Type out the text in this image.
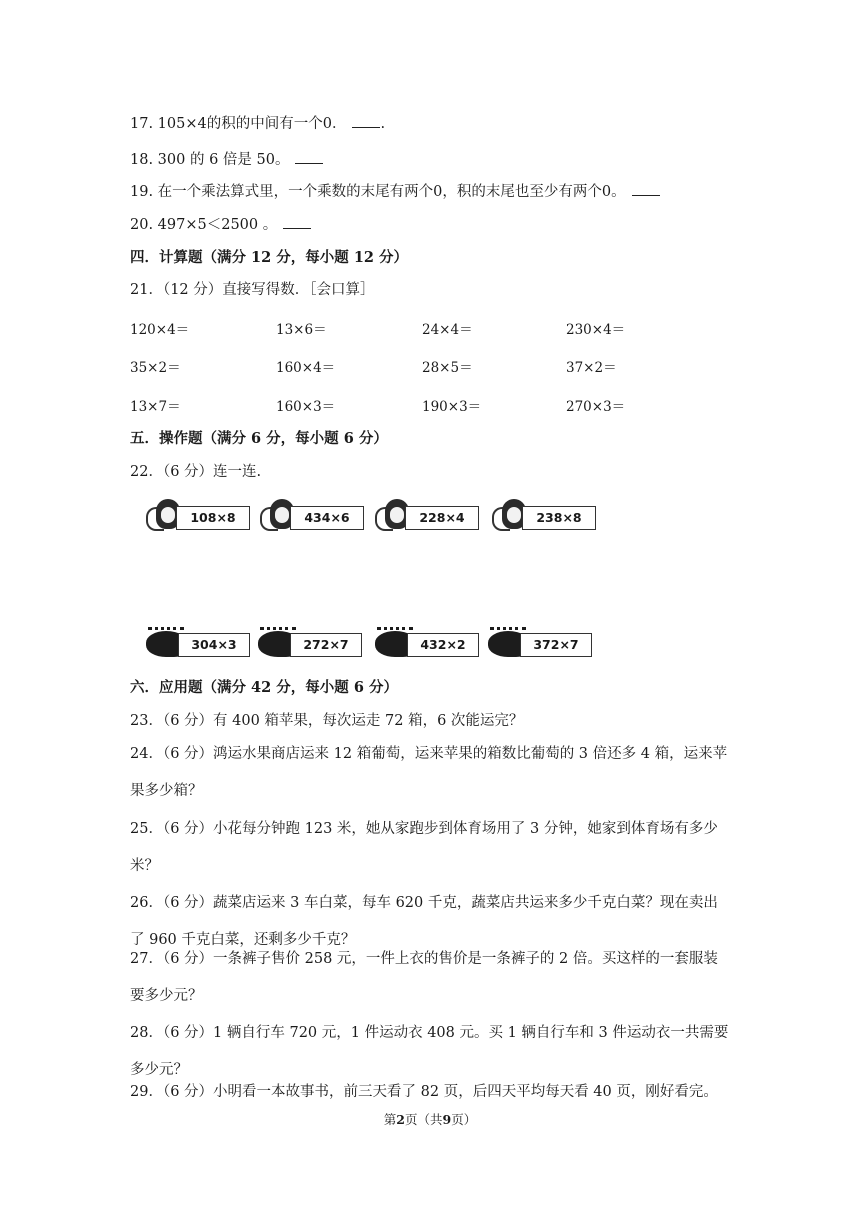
17. 105×4的积的中间有一个0． .
18. 300 的 6 倍是 50。
19. 在一个乘法算式里，一个乘数的末尾有两个0，积的末尾也至少有两个0。
20. 497×5＜2500 。
四．计算题（满分 12 分，每小题 12 分）
21．（12 分）直接写得数．［会口算］
120×4＝	13×6＝	24×4＝	230×4＝
35×2＝	160×4＝	28×5＝	37×2＝
13×7＝	160×3＝	190×3＝	270×3＝
五．操作题（满分 6 分，每小题 6 分）
22．（6 分）连一连.
108×8	434×6	228×4	238×8
304×3	272×7	432×2	372×7
六．应用题（满分 42 分，每小题 6 分）
23．（6 分）有 400 箱苹果，每次运走 72 箱，6 次能运完？
24．（6 分）鸿运水果商店运来 12 箱葡萄，运来苹果的箱数比葡萄的 3 倍还多 4 箱，运来苹果多少箱？
25．（6 分）小花每分钟跑 123 米，她从家跑步到体育场用了 3 分钟，她家到体育场有多少米？
26．（6 分）蔬菜店运来 3 车白菜，每车 620 千克，蔬菜店共运来多少千克白菜？现在卖出了 960 千克白菜，还剩多少千克？
27．（6 分）一条裤子售价 258 元，一件上衣的售价是一条裤子的 2 倍。买这样的一套服装要多少元？
28．（6 分）1 辆自行车 720 元，1 件运动衣 408 元。买 1 辆自行车和 3 件运动衣一共需要多少元？
29．（6 分）小明看一本故事书，前三天看了 82 页，后四天平均每天看 40 页，刚好看完。
第2页（共9页）
